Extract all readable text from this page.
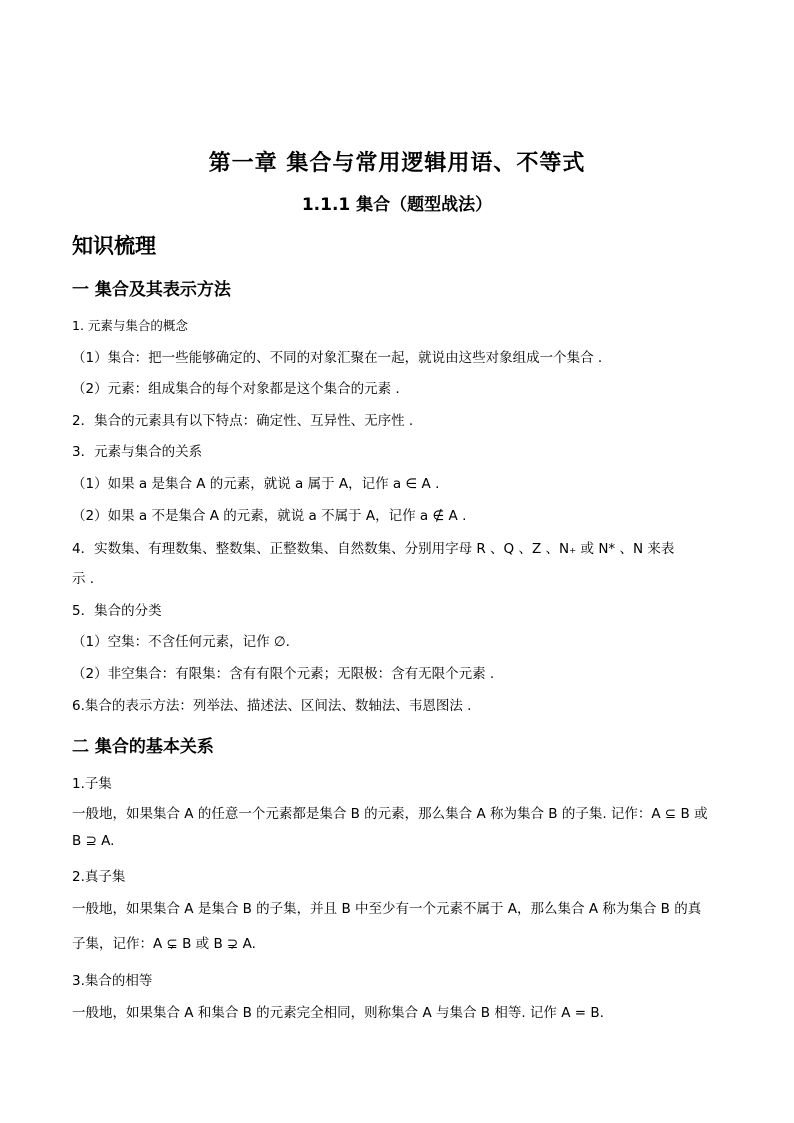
第一章 集合与常用逻辑用语、不等式
1.1.1 集合（题型战法）
知识梳理
一 集合及其表示方法
1. 元素与集合的概念
（1）集合：把一些能够确定的、不同的对象汇聚在一起，就说由这些对象组成一个集合 .
（2）元素：组成集合的每个对象都是这个集合的元素 .
2．集合的元素具有以下特点：确定性、互异性、无序性 .
3．元素与集合的关系
（1）如果 a 是集合 A 的元素，就说 a 属于 A，记作 a ∈ A .
（2）如果 a 不是集合 A 的元素，就说 a 不属于 A，记作 a ∉ A .
4．实数集、有理数集、整数集、正整数集、自然数集、分别用字母 R 、Q 、Z 、N₊ 或 N* 、N 来表
示 .
5．集合的分类
（1）空集：不含任何元素，记作 ∅.
（2）非空集合：有限集：含有有限个元素；无限极：含有无限个元素 .
6.集合的表示方法：列举法、描述法、区间法、数轴法、韦恩图法 .
二 集合的基本关系
1.子集
一般地，如果集合 A 的任意一个元素都是集合 B 的元素，那么集合 A 称为集合 B 的子集. 记作：A ⊆ B 或
B ⊇ A.
2.真子集
一般地，如果集合 A 是集合 B 的子集，并且 B 中至少有一个元素不属于 A，那么集合 A 称为集合 B 的真
子集，记作：A ⊊ B 或 B ⊋ A.
3.集合的相等
一般地，如果集合 A 和集合 B 的元素完全相同，则称集合 A 与集合 B 相等. 记作 A = B.
